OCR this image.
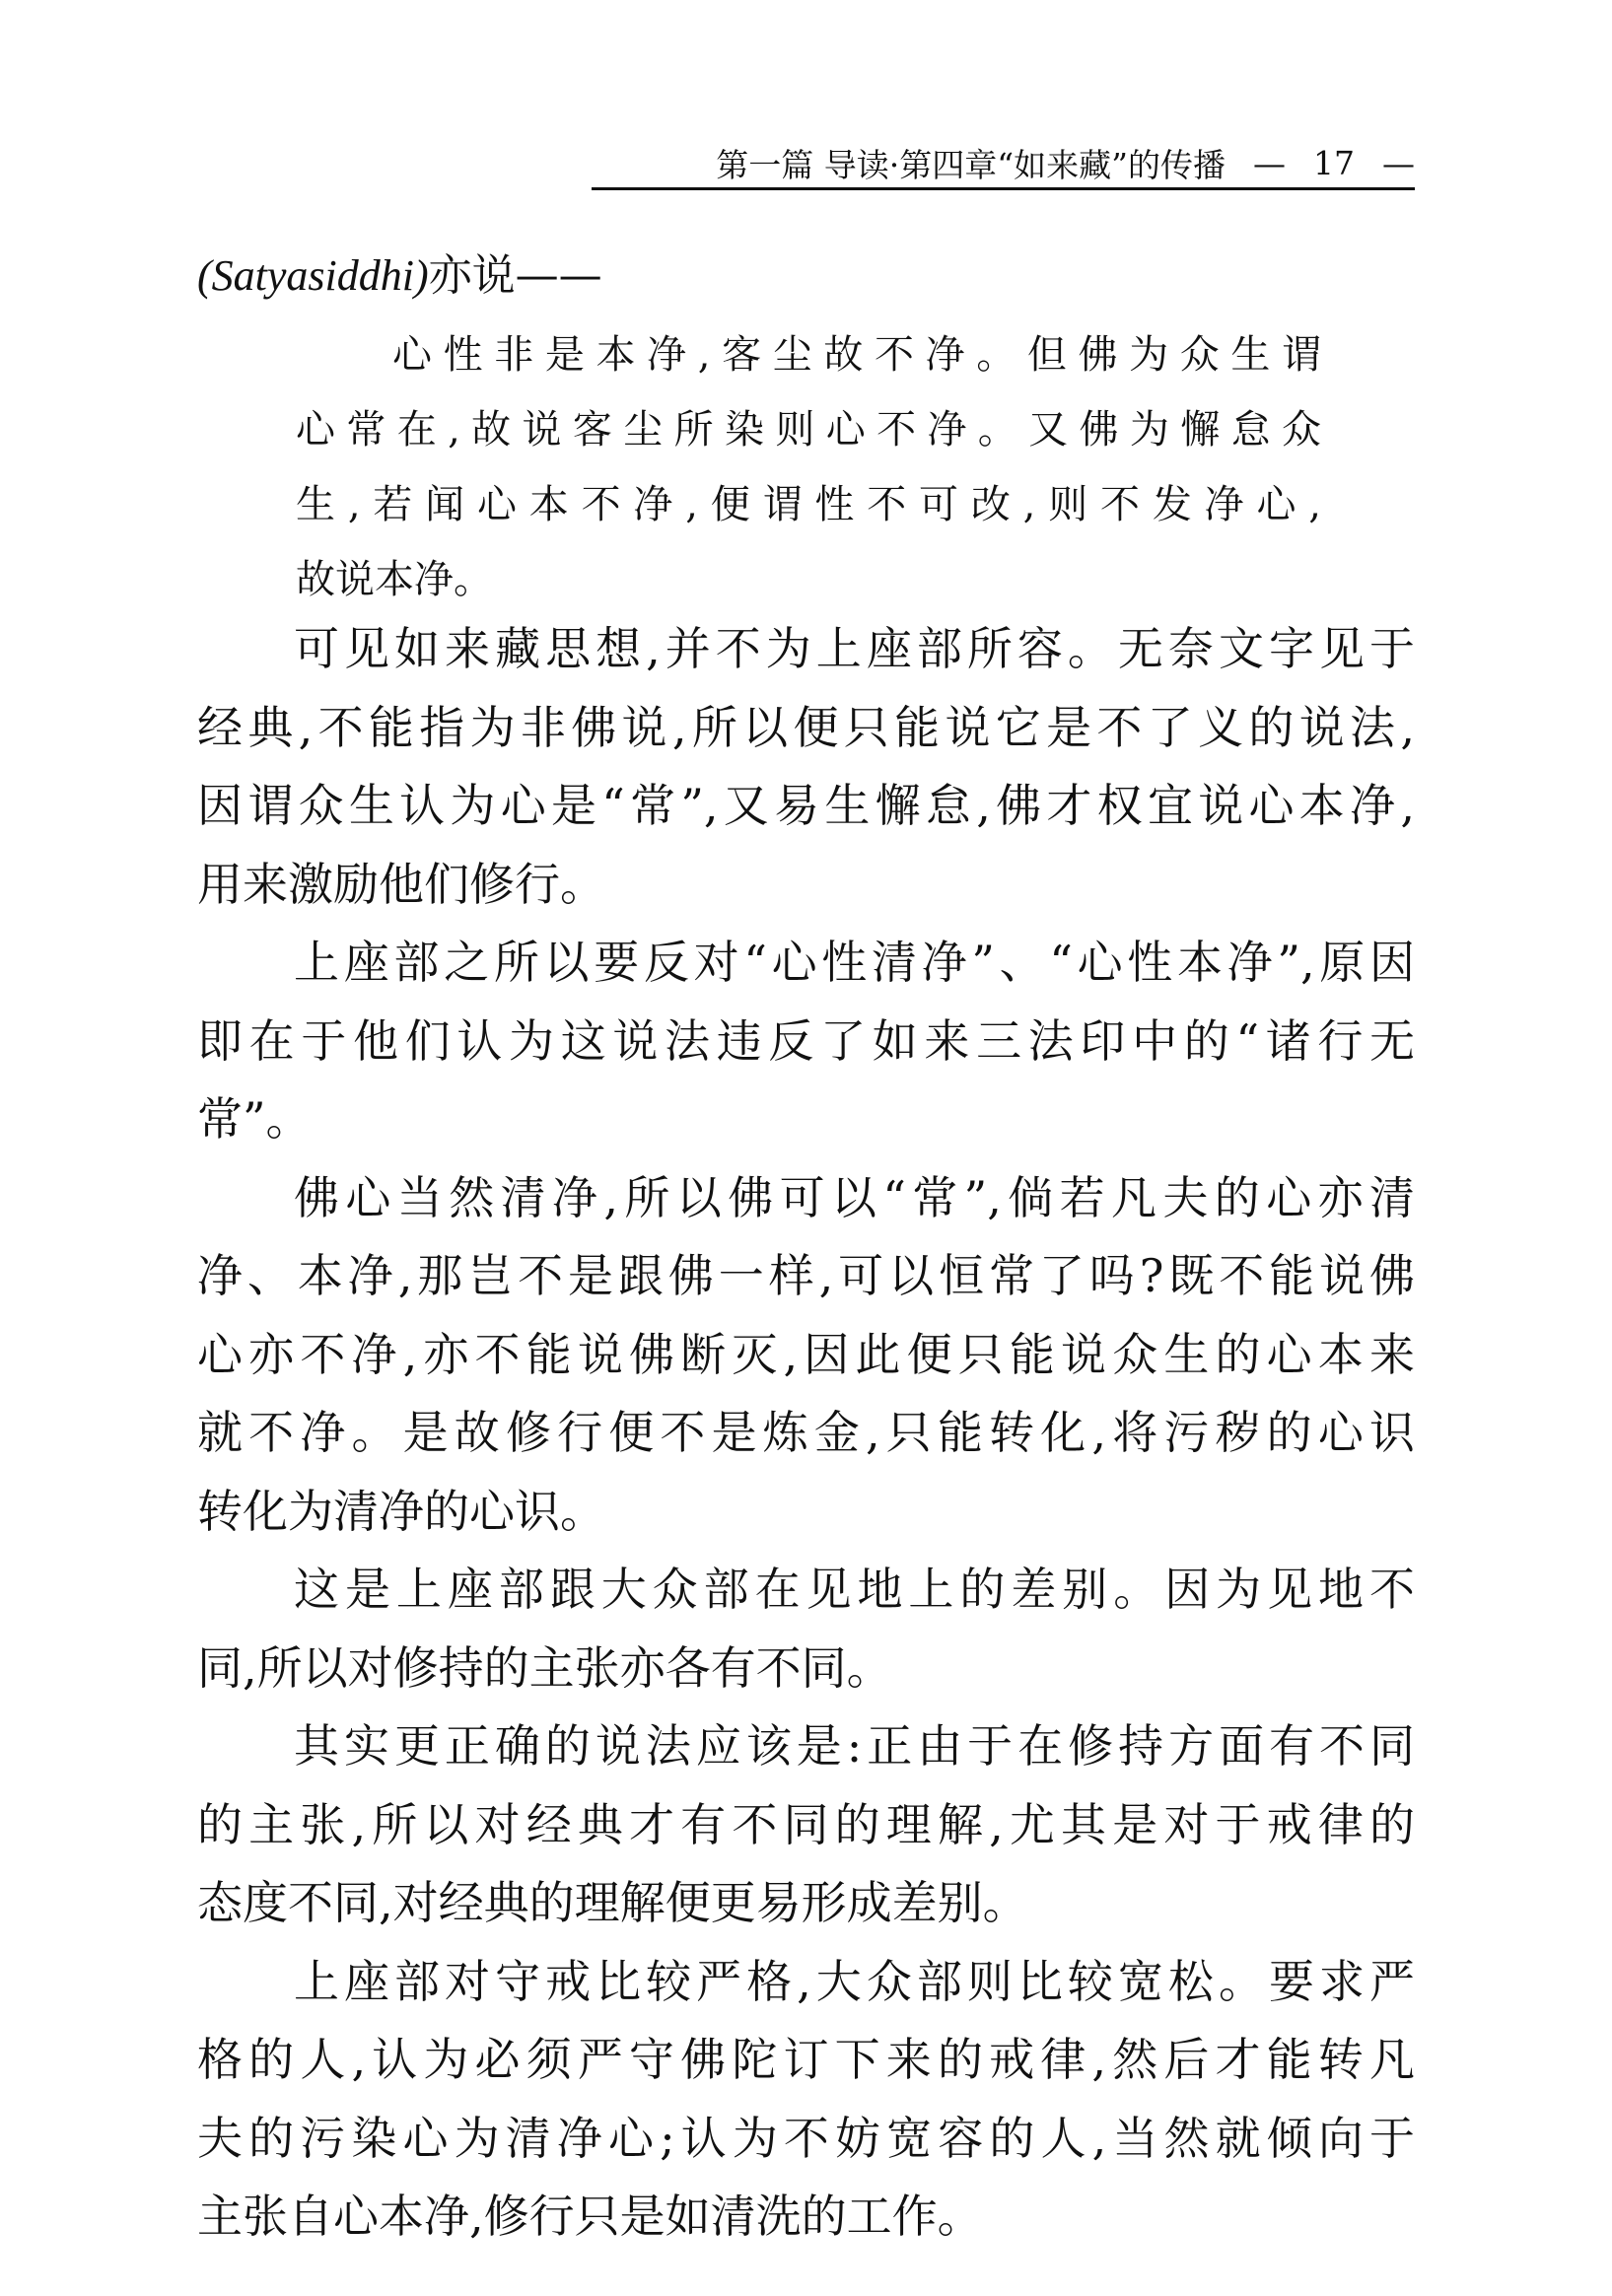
第一篇 导读·第四章“如来藏”的传播 — 17 —
(Satyasiddhi)亦说——
心性非是本净,客尘故不净。但佛为众生谓
心常在,故说客尘所染则心不净。又佛为懈怠众
生,若闻心本不净,便谓性不可改,则不发净心,
故说本净。
可见如来藏思想,并不为上座部所容。无奈文字见于
经典,不能指为非佛说,所以便只能说它是不了义的说法,
因谓众生认为心是“常”,又易生懈怠,佛才权宜说心本净,
用来激励他们修行。
上座部之所以要反对“心性清净”、“心性本净”,原因
即在于他们认为这说法违反了如来三法印中的“诸行无
常”。
佛心当然清净,所以佛可以“常”,倘若凡夫的心亦清
净、本净,那岂不是跟佛一样,可以恒常了吗?既不能说佛
心亦不净,亦不能说佛断灭,因此便只能说众生的心本来
就不净。是故修行便不是炼金,只能转化,将污秽的心识
转化为清净的心识。
这是上座部跟大众部在见地上的差别。因为见地不
同,所以对修持的主张亦各有不同。
其实更正确的说法应该是:正由于在修持方面有不同
的主张,所以对经典才有不同的理解,尤其是对于戒律的
态度不同,对经典的理解便更易形成差别。
上座部对守戒比较严格,大众部则比较宽松。要求严
格的人,认为必须严守佛陀订下来的戒律,然后才能转凡
夫的污染心为清净心;认为不妨宽容的人,当然就倾向于
主张自心本净,修行只是如清洗的工作。
